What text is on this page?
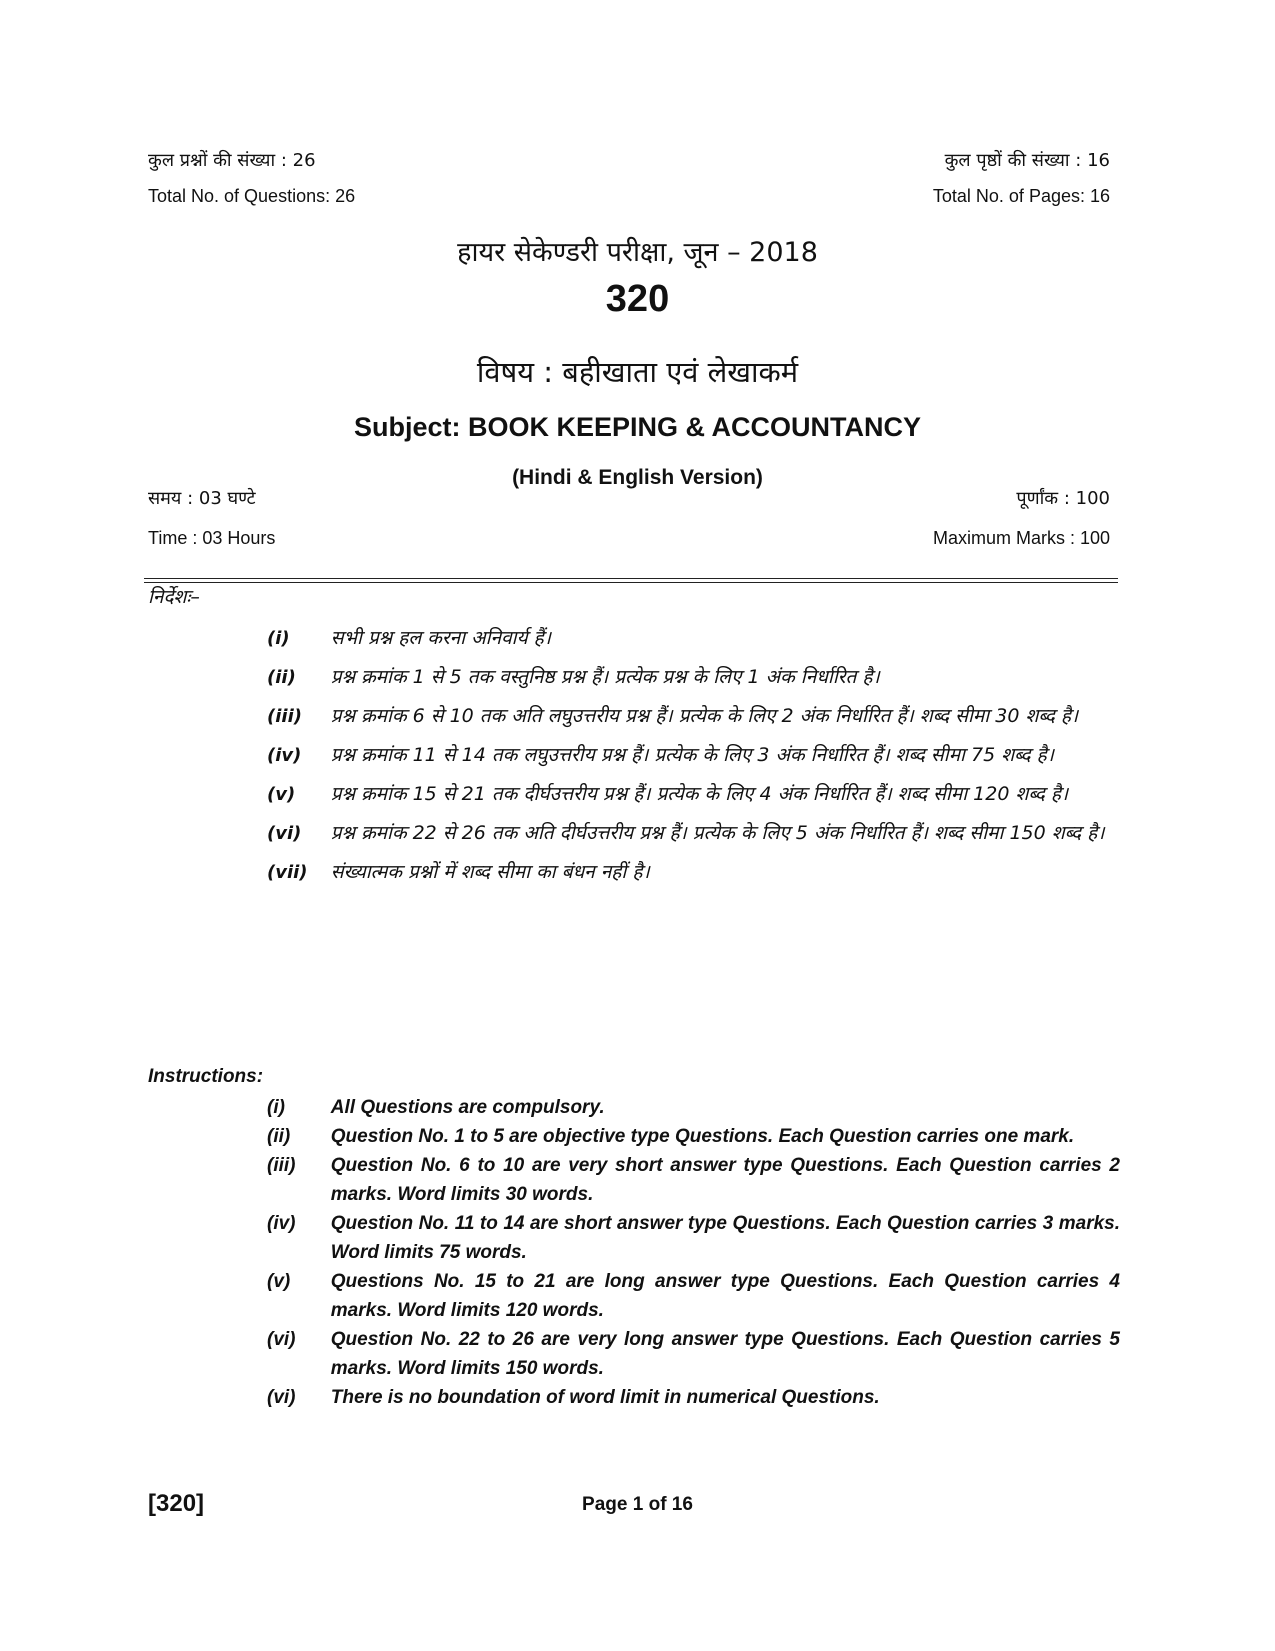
कुल प्रश्नों की संख्या : 26	कुल पृष्ठों की संख्या : 16
Total No. of Questions: 26	Total No. of Pages: 16
हायर सेकेण्डरी परीक्षा, जून – 2018
320
विषय : बहीखाता एवं लेखाकर्म
Subject: BOOK KEEPING & ACCOUNTANCY
(Hindi & English Version)
समय : 03 घण्टे	पूर्णांक : 100
Time : 03 Hours	Maximum Marks : 100
निर्देशः–
(i)	सभी प्रश्न हल करना अनिवार्य हैं।
(ii)	प्रश्न क्रमांक 1 से 5 तक वस्तुनिष्ठ प्रश्न हैं। प्रत्येक प्रश्न के लिए 1 अंक निर्धारित है।
(iii)	प्रश्न क्रमांक 6 से 10 तक अति लघुउत्तरीय प्रश्न हैं। प्रत्येक के लिए 2 अंक निर्धारित हैं। शब्द सीमा 30 शब्द है।
(iv)	प्रश्न क्रमांक 11 से 14 तक लघुउत्तरीय प्रश्न हैं। प्रत्येक के लिए 3 अंक निर्धारित हैं। शब्द सीमा 75 शब्द है।
(v)	प्रश्न क्रमांक 15 से 21 तक दीर्घउत्तरीय प्रश्न हैं। प्रत्येक के लिए 4 अंक निर्धारित हैं। शब्द सीमा 120 शब्द है।
(vi)	प्रश्न क्रमांक 22 से 26 तक अति दीर्घउत्तरीय प्रश्न हैं। प्रत्येक के लिए 5 अंक निर्धारित हैं। शब्द सीमा 150 शब्द है।
(vii)	संख्यात्मक प्रश्नों में शब्द सीमा का बंधन नहीं है।
Instructions:
(i)	All Questions are compulsory.
(ii)	Question No. 1 to 5 are objective type Questions. Each Question carries one mark.
(iii)	Question No. 6 to 10 are very short answer type Questions. Each Question carries 2 marks. Word limits 30 words.
(iv)	Question No. 11 to 14 are short answer type Questions. Each Question carries 3 marks. Word limits 75 words.
(v)	Questions No. 15 to 21 are long answer type Questions. Each Question carries 4 marks. Word limits 120 words.
(vi)	Question No. 22 to 26 are very long answer type Questions. Each Question carries 5 marks. Word limits 150 words.
(vi)	There is no boundation of word limit in numerical Questions.
[320]	Page 1 of 16
